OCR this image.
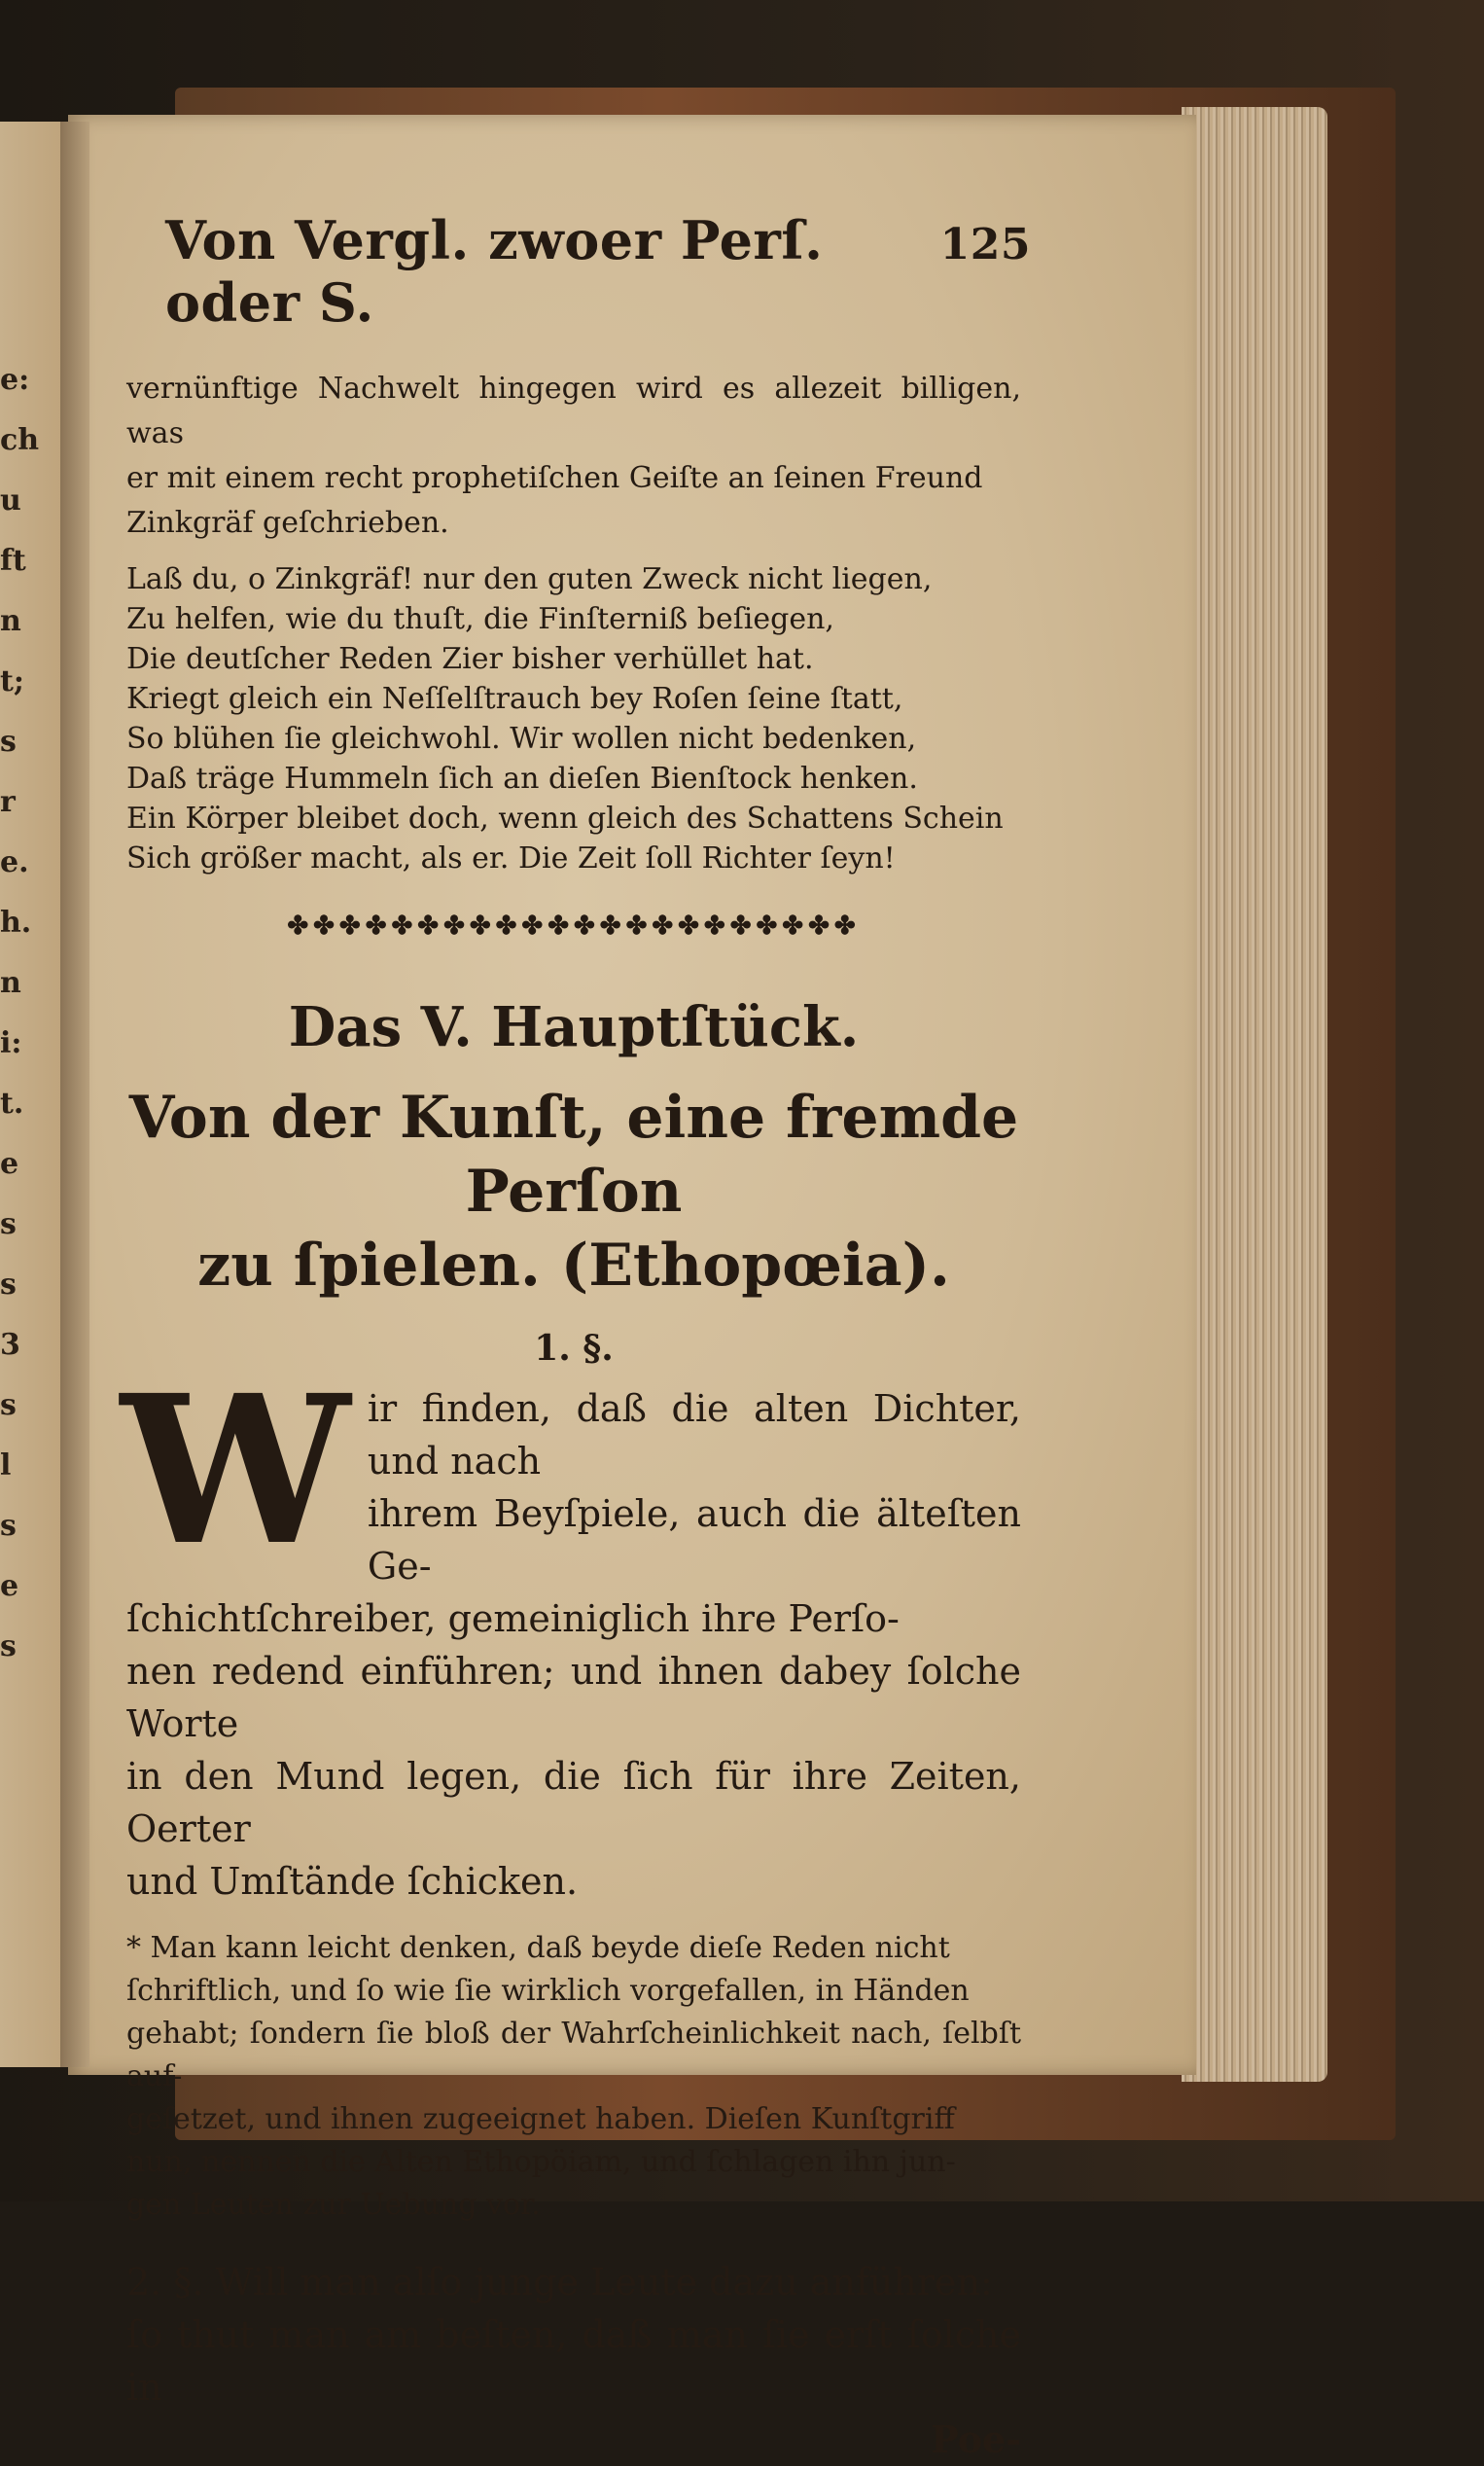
e:
ch
u
ft
n
t;
s
r
e.
h.
n
i:
t.
e
s
s
3
s
l
s
e
s
Von Vergl. zwoer Perſ. oder S.
125
vernünftige Nachwelt hingegen wird es allezeit billigen, was
er mit einem recht prophetiſchen Geiſte an ſeinen Freund
Zinkgräf geſchrieben.
Laß du, o Zinkgräf! nur den guten Zweck nicht liegen,
Zu helfen, wie du thuſt, die Finſterniß beſiegen,
Die deutſcher Reden Zier bisher verhüllet hat.
Kriegt gleich ein Neſſelſtrauch bey Roſen ſeine ſtatt,
So blühen ſie gleichwohl. Wir wollen nicht bedenken,
Daß träge Hummeln ſich an dieſen Bienſtock henken.
Ein Körper bleibet doch, wenn gleich des Schattens Schein
Sich größer macht, als er. Die Zeit ſoll Richter ſeyn!
✤✤✤✤✤✤✤✤✤✤✤✤✤✤✤✤✤✤✤✤✤✤
Das V. Hauptſtück.
Von der Kunſt, eine fremde Perſon
zu ſpielen. (Ethopœia).
1. §.
W ir finden, daß die alten Dichter, und nach
ihrem Beyſpiele, auch die älteſten Ge-
ſchichtſchreiber, gemeiniglich ihre Perſo-
nen redend einführen; und ihnen dabey ſolche Worte
in den Mund legen, die ſich für ihre Zeiten, Oerter
und Umſtände ſchicken.
* Man kann leicht denken, daß beyde dieſe Reden nicht
ſchriftlich, und ſo wie ſie wirklich vorgefallen, in Händen
gehabt; ſondern ſie bloß der Wahrſcheinlichkeit nach, ſelbſt auf-
geſetzet, und ihnen zugeeignet haben. Dieſen Kunſtgriff
nun, nennen die Alten Ethopöiam, und ſchlagen ihn jun-
gen Leuten zur Uebung vor.
2. §. Will man alſo junge Leute dazu anführen:
ſo thut man am beſten, daß man ſie erſt ſolche in
Poe-
